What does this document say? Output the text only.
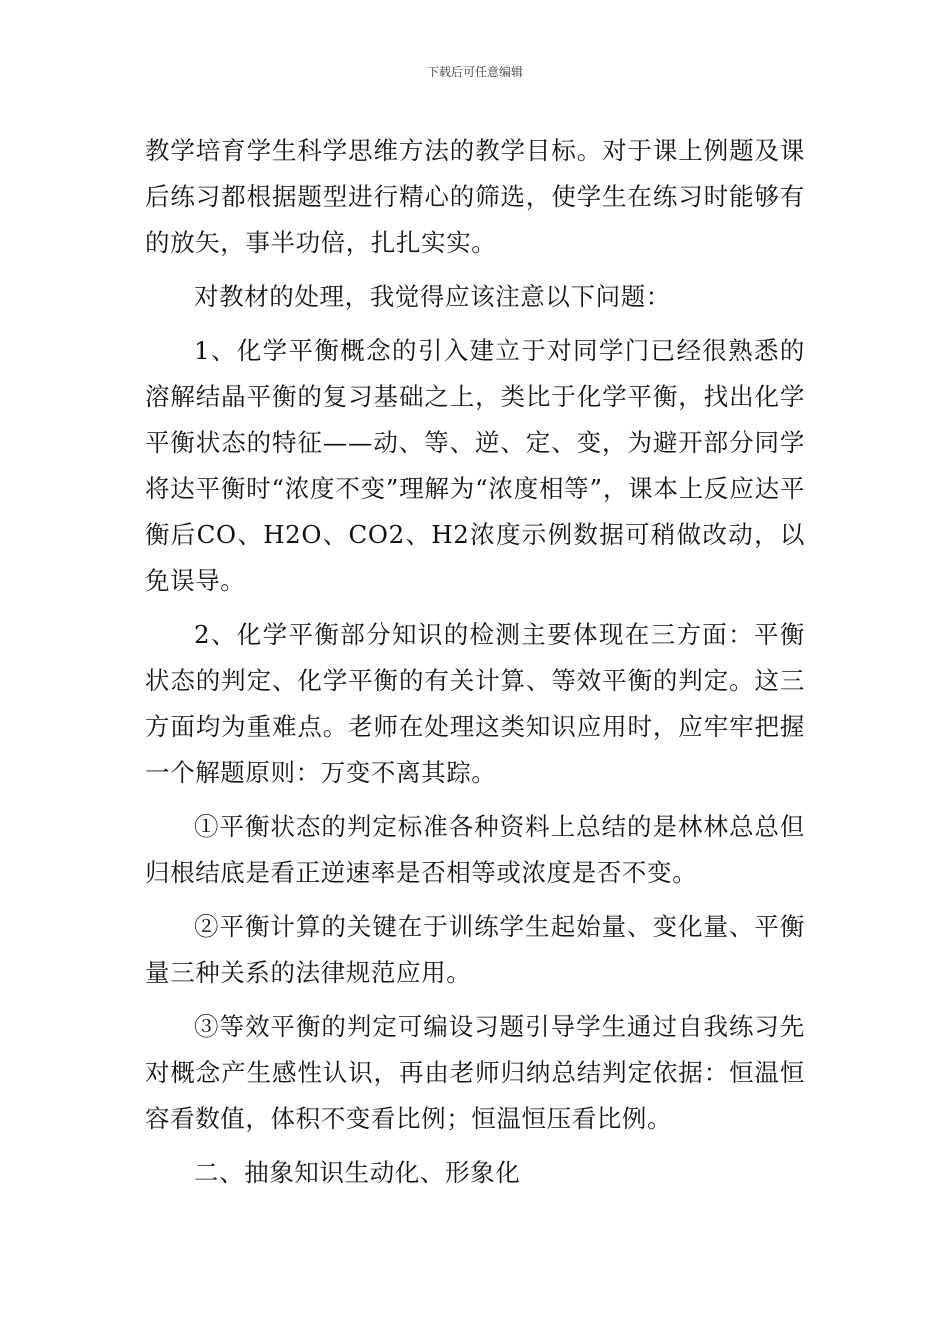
下载后可任意编辑

教学培育学生科学思维方法的教学目标。对于课上例题及课后练习都根据题型进行精心的筛选，使学生在练习时能够有的放矢，事半功倍，扎扎实实。

对教材的处理，我觉得应该注意以下问题：

1、化学平衡概念的引入建立于对同学门已经很熟悉的溶解结晶平衡的复习基础之上，类比于化学平衡，找出化学平衡状态的特征——动、等、逆、定、变，为避开部分同学将达平衡时“浓度不变”理解为“浓度相等”，课本上反应达平衡后CO、H2O、CO2、H2浓度示例数据可稍做改动，以免误导。

2、化学平衡部分知识的检测主要体现在三方面：平衡状态的判定、化学平衡的有关计算、等效平衡的判定。这三方面均为重难点。老师在处理这类知识应用时，应牢牢把握一个解题原则：万变不离其踪。

①平衡状态的判定标准各种资料上总结的是林林总总但归根结底是看正逆速率是否相等或浓度是否不变。

②平衡计算的关键在于训练学生起始量、变化量、平衡量三种关系的法律规范应用。

③等效平衡的判定可编设习题引导学生通过自我练习先对概念产生感性认识，再由老师归纳总结判定依据：恒温恒容看数值，体积不变看比例；恒温恒压看比例。

二、抽象知识生动化、形象化
